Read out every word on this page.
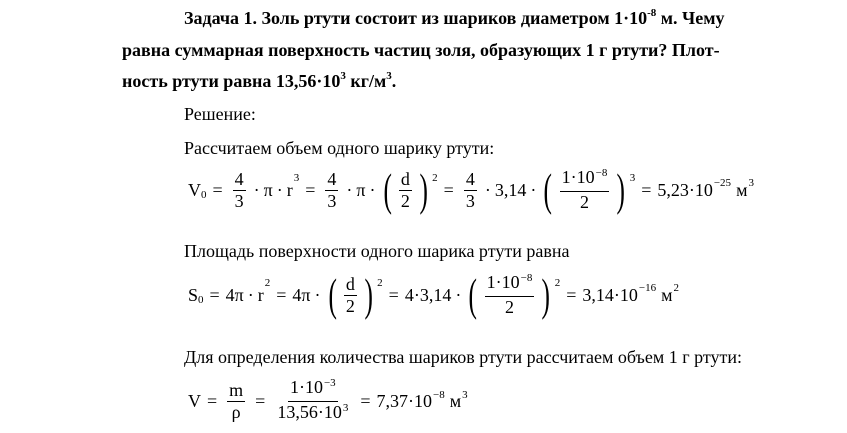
Задача 1. Золь ртути состоит из шариков диаметром $1\cdot 10^{-8}$ м. Чему
равна суммарная поверхность частиц золя, образующих 1 г ртути? Плот-
ность ртути равна $13,56\cdot 10^3$ $кг/м^3$.
Решение:
Рассчитаем объем одного шарику ртути:
V $0 = \frac{4}{3} \cdot \pi \cdot r$
3
= $\frac{4}{3} \cdot \pi$ · ( $\frac{d}{2}$ ) 2
= $\frac{4}{3} \cdot 3,14$ · ( $\frac{1\cdot 10^{-8}}{2}$ ) 3
= 5,23·10 −25 м 3
Площадь поверхности одного шарика ртути равна
S 0 = 4π · r
2
= 4π · ( $\frac{d}{2}$ ) 2
= 4·3,14 · ( $\frac{1\cdot 10^{-8}}{2}$ ) 2
= 3,14·10 −16 м 2
Для определения количества шариков ртути рассчитаем объем 1 г ртути:
$V = \frac{m}{\rho} = \frac{1\cdot 10^{-3}}{13,56\cdot 10^3} = 7,37\cdot 10 -8$ м 3
